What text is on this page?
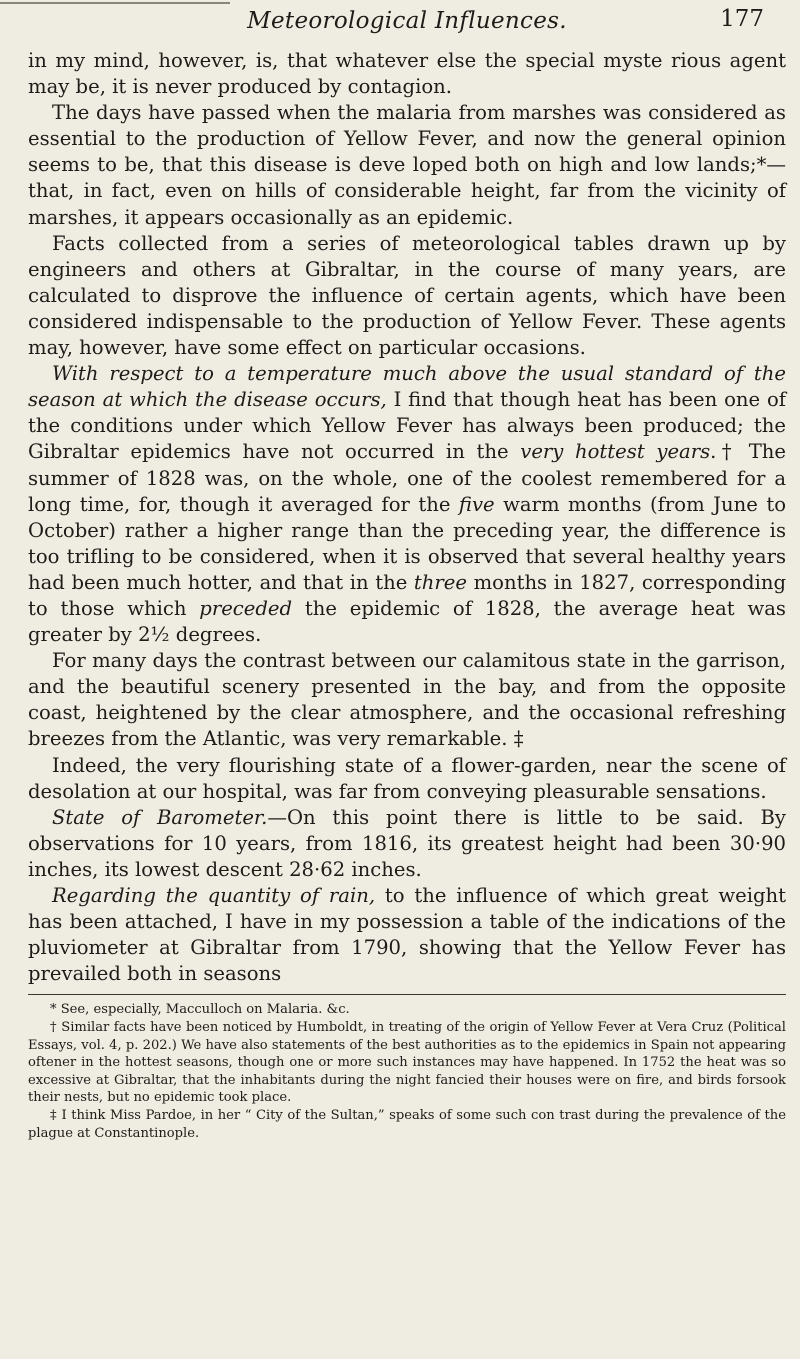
Meteorological Influences.	177

in my mind, however, is, that whatever else the special myste rious agent may be, it is never produced by contagion.

The days have passed when the malaria from marshes was considered as essential to the production of Yellow Fever, and now the general opinion seems to be, that this disease is deve loped both on high and low lands;*—that, in fact, even on hills of considerable height, far from the vicinity of marshes, it appears occasionally as an epidemic.

Facts collected from a series of meteorological tables drawn up by engineers and others at Gibraltar, in the course of many years, are calculated to disprove the influence of certain agents, which have been considered indispensable to the production of Yellow Fever. These agents may, however, have some effect on particular occasions.

With respect to a temperature much above the usual standard of the season at which the disease occurs, I find that though heat has been one of the conditions under which Yellow Fever has always been produced; the Gibraltar epidemics have not occurred in the very hottest years.† The summer of 1828 was, on the whole, one of the coolest remembered for a long time, for, though it averaged for the five warm months (from June to October) rather a higher range than the preceding year, the difference is too trifling to be considered, when it is observed that several healthy years had been much hotter, and that in the three months in 1827, corresponding to those which preceded the epidemic of 1828, the average heat was greater by 2½ degrees.

For many days the contrast between our calamitous state in the garrison, and the beautiful scenery presented in the bay, and from the opposite coast, heightened by the clear atmosphere, and the occasional refreshing breezes from the Atlantic, was very remarkable. ‡

Indeed, the very flourishing state of a flower-garden, near the scene of desolation at our hospital, was far from conveying pleasurable sensations.

State of Barometer.—On this point there is little to be said. By observations for 10 years, from 1816, its greatest height had been 30·90 inches, its lowest descent 28·62 inches.

Regarding the quantity of rain, to the influence of which great weight has been attached, I have in my possession a table of the indications of the pluviometer at Gibraltar from 1790, showing that the Yellow Fever has prevailed both in seasons

* See, especially, Macculloch on Malaria. &c.

† Similar facts have been noticed by Humboldt, in treating of the origin of Yellow Fever at Vera Cruz (Political Essays, vol. 4, p. 202.) We have also statements of the best authorities as to the epidemics in Spain not appearing oftener in the hottest seasons, though one or more such instances may have happened. In 1752 the heat was so excessive at Gibraltar, that the inhabitants during the night fancied their houses were on fire, and birds forsook their nests, but no epidemic took place.

‡ I think Miss Pardoe, in her “ City of the Sultan,” speaks of some such con trast during the prevalence of the plague at Constantinople.
